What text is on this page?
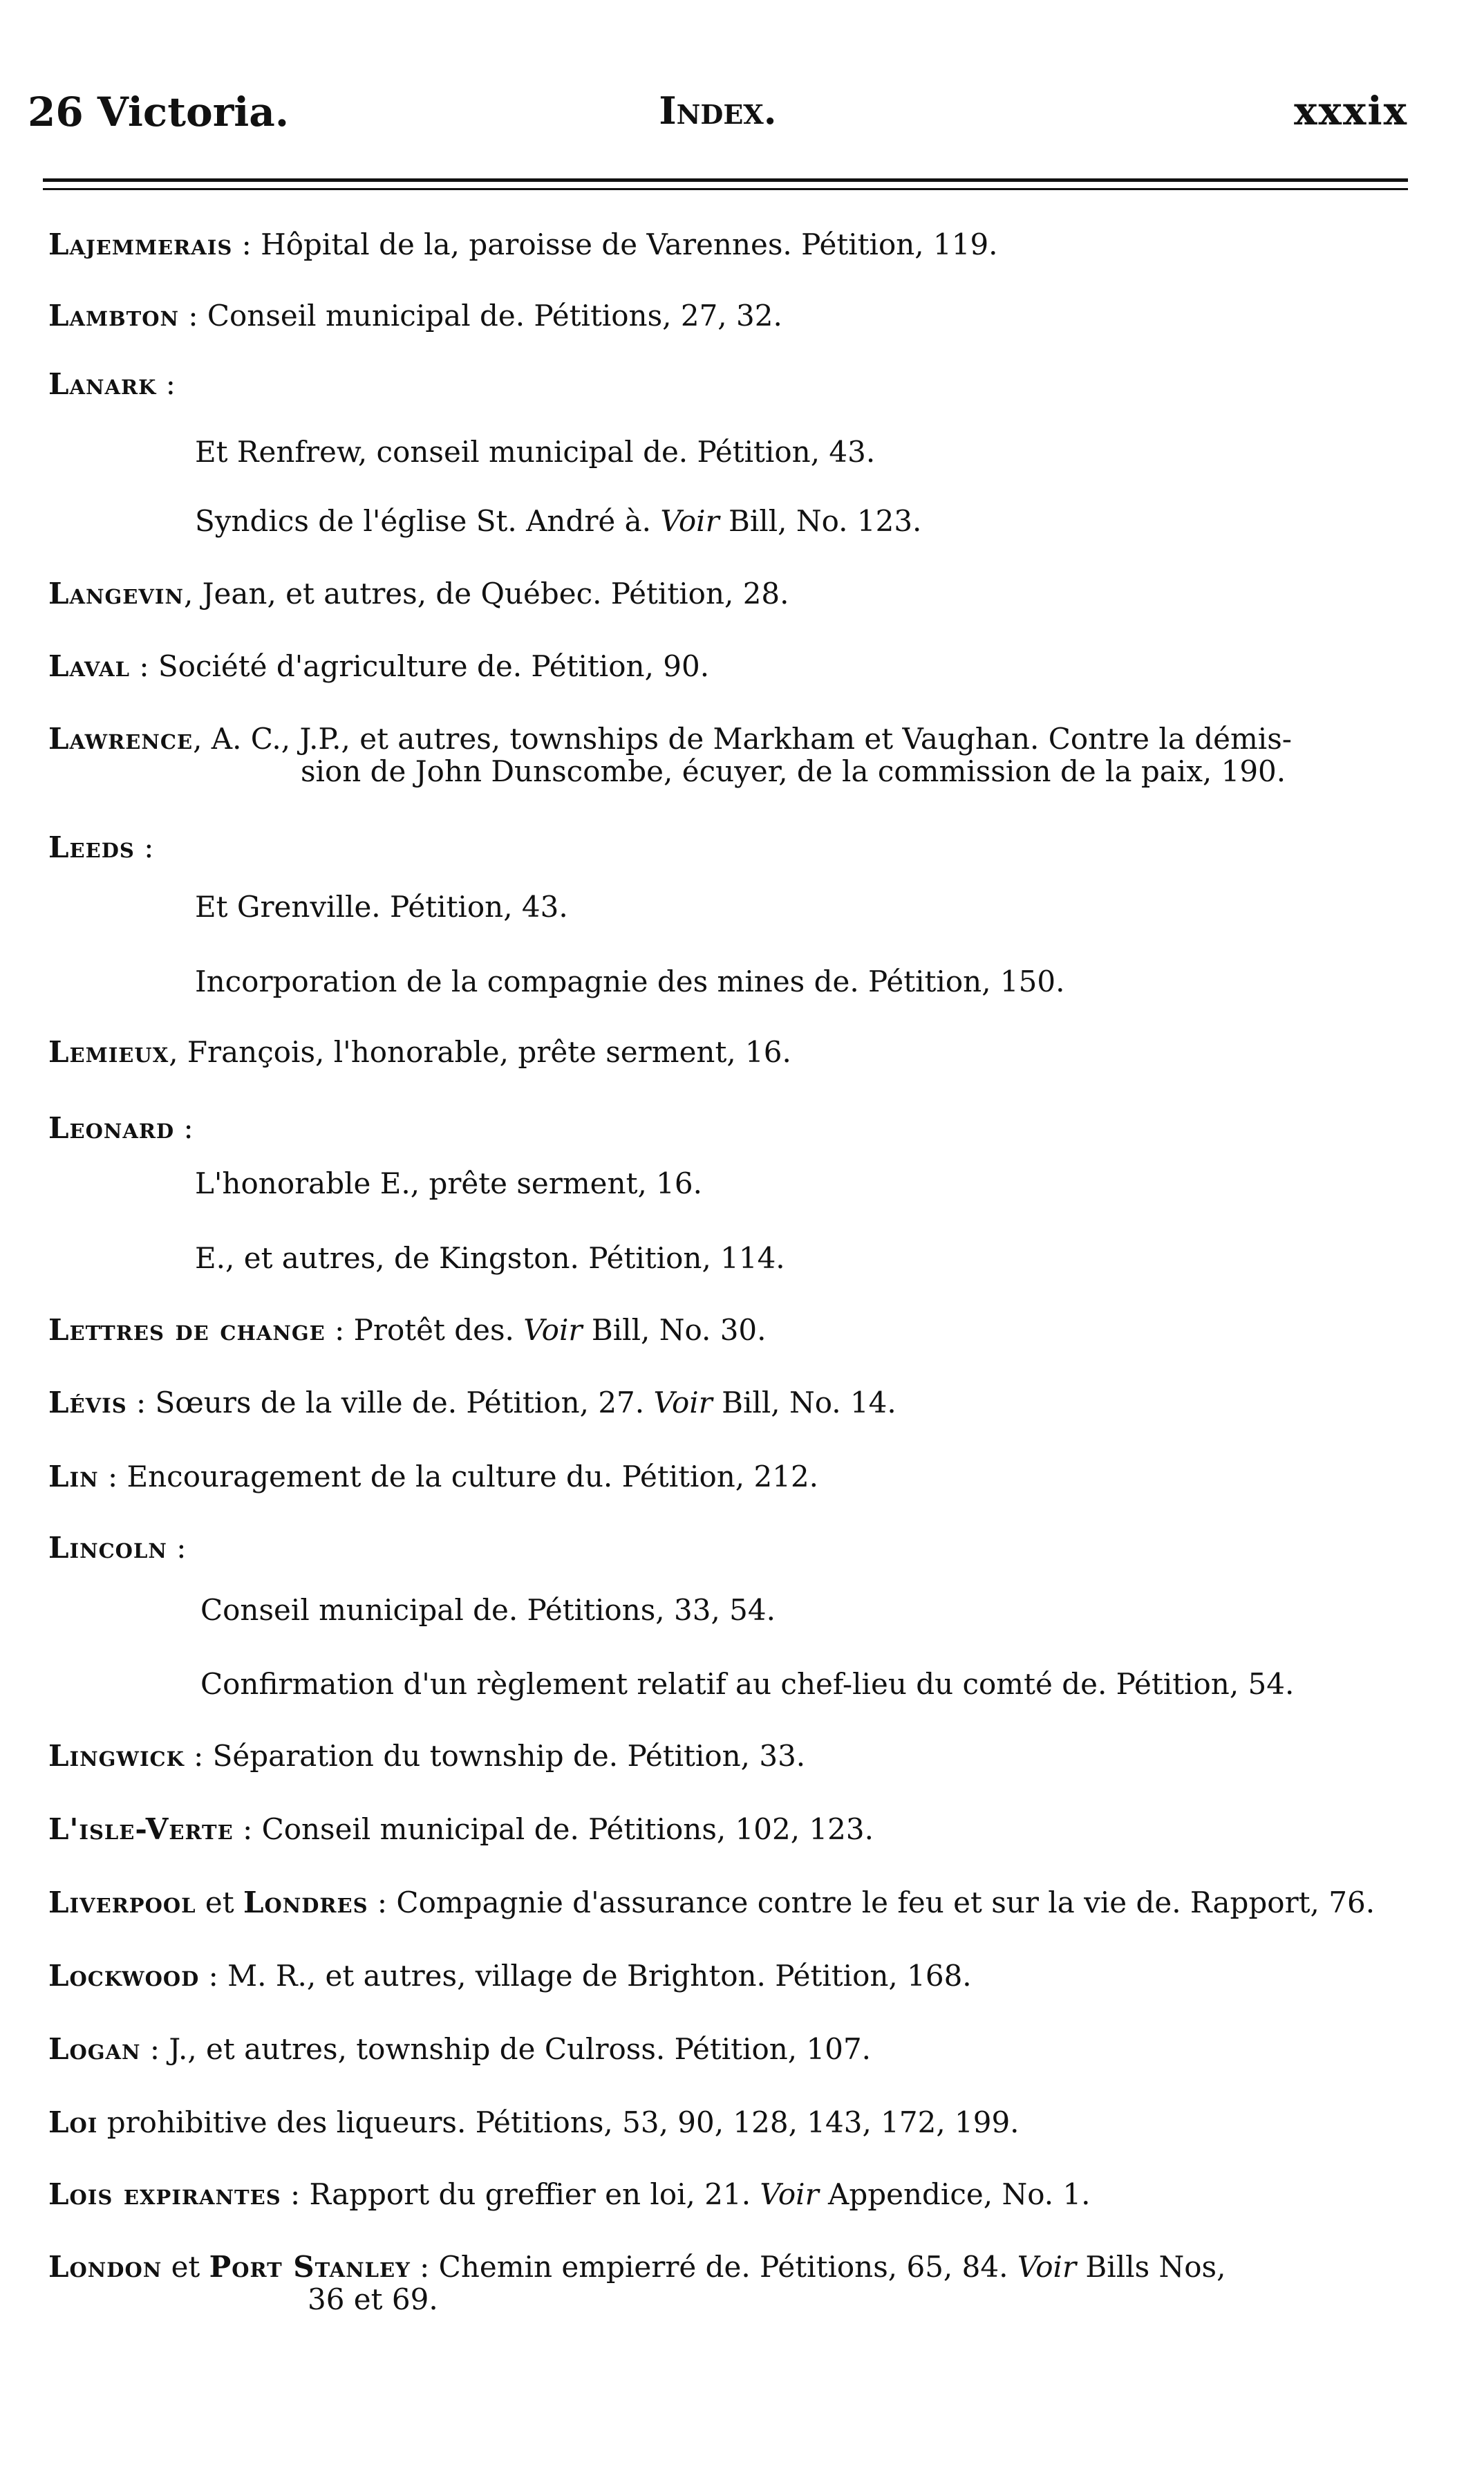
26 Victoria.	Index.	xxxix
Lajemmerais : Hôpital de la, paroisse de Varennes. Pétition, 119.
Lambton : Conseil municipal de. Pétitions, 27, 32.
Lanark :
Et Renfrew, conseil municipal de. Pétition, 43.
Syndics de l'église St. André à. Voir Bill, No. 123.
Langevin, Jean, et autres, de Québec. Pétition, 28.
Laval : Société d'agriculture de. Pétition, 90.
Lawrence, A. C., J.P., et autres, townships de Markham et Vaughan. Contre la démis-
sion de John Dunscombe, écuyer, de la commission de la paix, 190.
Leeds :
Et Grenville. Pétition, 43.
Incorporation de la compagnie des mines de. Pétition, 150.
Lemieux, François, l'honorable, prête serment, 16.
Leonard :
L'honorable E., prête serment, 16.
E., et autres, de Kingston. Pétition, 114.
Lettres de change : Protêt des. Voir Bill, No. 30.
Lévis : Sœurs de la ville de. Pétition, 27. Voir Bill, No. 14.
Lin : Encouragement de la culture du. Pétition, 212.
Lincoln :
Conseil municipal de. Pétitions, 33, 54.
Confirmation d'un règlement relatif au chef-lieu du comté de. Pétition, 54.
Lingwick : Séparation du township de. Pétition, 33.
L'isle-Verte : Conseil municipal de. Pétitions, 102, 123.
Liverpool et Londres : Compagnie d'assurance contre le feu et sur la vie de. Rapport, 76.
Lockwood : M. R., et autres, village de Brighton. Pétition, 168.
Logan : J., et autres, township de Culross. Pétition, 107.
Loi prohibitive des liqueurs. Pétitions, 53, 90, 128, 143, 172, 199.
Lois expirantes : Rapport du greffier en loi, 21. Voir Appendice, No. 1.
London et Port Stanley : Chemin empierré de. Pétitions, 65, 84. Voir Bills Nos,
36 et 69.
